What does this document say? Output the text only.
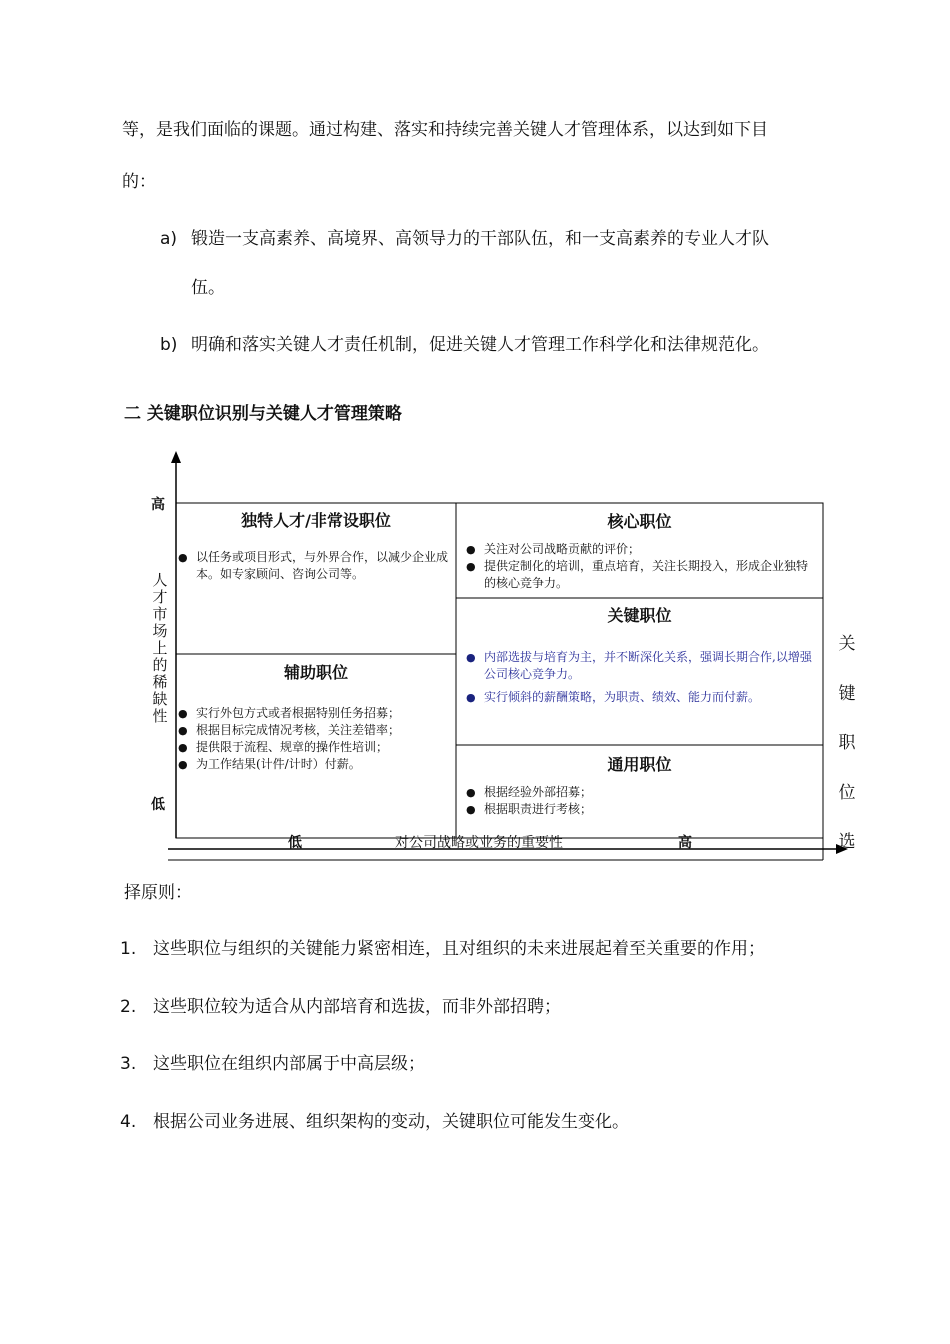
等，是我们面临的课题。通过构建、落实和持续完善关键人才管理体系，以达到如下目
的：
a) 锻造一支高素养、高境界、高领导力的干部队伍，和一支高素养的专业人才队
伍。
b) 明确和落实关键人才责任机制，促进关键人才管理工作科学化和法律规范化。
二 关键职位识别与关键人才管理策略
高
低
人才市场上的稀缺性
低	对公司战略或业务的重要性	高
关键职位选
独特人才/非常设职位
● 以任务或项目形式，与外界合作，以减少企业成本。如专家顾问、咨询公司等。
核心职位
● 关注对公司战略贡献的评价；
● 提供定制化的培训，重点培育，关注长期投入，形成企业独特的核心竞争力。
关键职位
● 内部选拔与培育为主，并不断深化关系，强调长期合作,以增强公司核心竞争力。
● 实行倾斜的薪酬策略，为职责、绩效、能力而付薪。
辅助职位
● 实行外包方式或者根据特别任务招募；
● 根据目标完成情况考核，关注差错率；
● 提供限于流程、规章的操作性培训；
● 为工作结果(计件/计时）付薪。	通用职位
● 根据经验外部招募；
● 根据职责进行考核；
择原则：
1. 这些职位与组织的关键能力紧密相连，且对组织的未来进展起着至关重要的作用；
2. 这些职位较为适合从内部培育和选拔，而非外部招聘；
3. 这些职位在组织内部属于中高层级；
4. 根据公司业务进展、组织架构的变动，关键职位可能发生变化。
